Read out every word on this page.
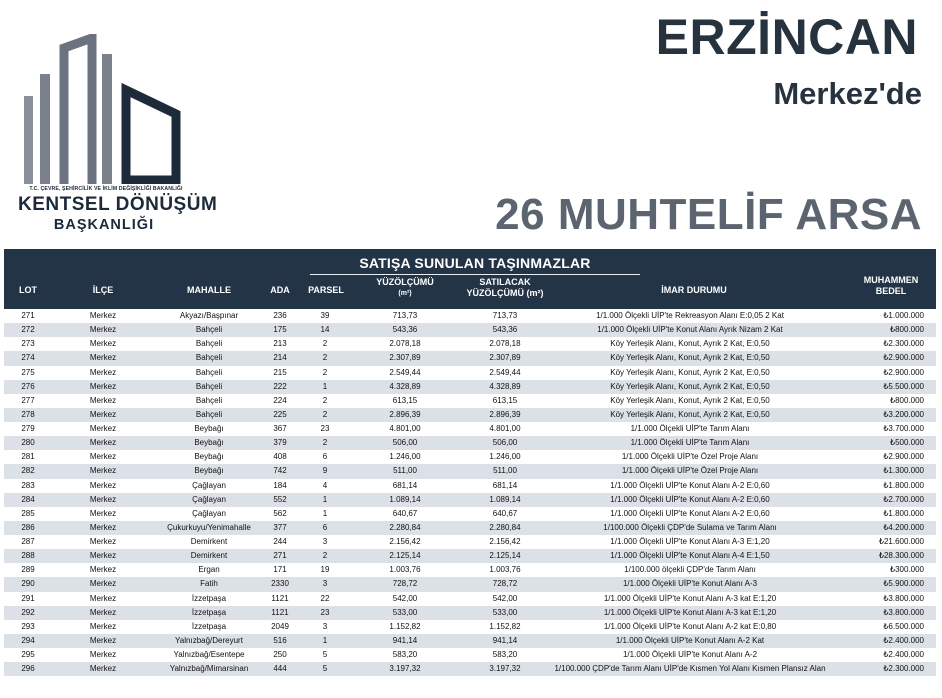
T.C. ÇEVRE, ŞEHİRCİLİK VE İKLİM DEĞİŞİKLİĞİ BAKANLIĞI
KENTSEL DÖNÜŞÜM
BAŞKANLIĞI
ERZİNCAN
Merkez'de
26 MUHTELİF ARSA
SATIŞA SUNULAN TAŞINMAZLAR
LOT	İLÇE	MAHALLE	ADA	PARSEL
YÜZÖLÇÜMÜ
(m²)
SATILACAK
YÜZÖLÇÜMÜ (m²)	İMAR DURUMU
MUHAMMEN
BEDEL
271	Merkez	Akyazı/Başpınar	236	39	713,73	713,73	1/1.000 Ölçekli UİP'te Rekreasyon Alanı E:0,05 2 Kat	₺1.000.000
272	Merkez	Bahçeli	175	14	543,36	543,36	1/1.000 Ölçekli UİP'te Konut Alanı Ayrık Nizam 2 Kat	₺800.000
273	Merkez	Bahçeli	213	2	2.078,18	2.078,18	Köy Yerleşik Alanı, Konut, Ayrık 2 Kat, E:0,50	₺2.300.000
274	Merkez	Bahçeli	214	2	2.307,89	2.307,89	Köy Yerleşik Alanı, Konut, Ayrık 2 Kat, E:0,50	₺2.900.000
275	Merkez	Bahçeli	215	2	2.549,44	2.549,44	Köy Yerleşik Alanı, Konut, Ayrık 2 Kat, E:0,50	₺2.900.000
276	Merkez	Bahçeli	222	1	4.328,89	4.328,89	Köy Yerleşik Alanı, Konut, Ayrık 2 Kat, E:0,50	₺5.500.000
277	Merkez	Bahçeli	224	2	613,15	613,15	Köy Yerleşik Alanı, Konut, Ayrık 2 Kat, E:0,50	₺800.000
278	Merkez	Bahçeli	225	2	2.896,39	2.896,39	Köy Yerleşik Alanı, Konut, Ayrık 2 Kat, E:0,50	₺3.200.000
279	Merkez	Beybağı	367	23	4.801,00	4.801,00	1/1.000 Ölçekli UİP'te Tarım Alanı	₺3.700.000
280	Merkez	Beybağı	379	2	506,00	506,00	1/1.000 Ölçekli UİP'te Tarım Alanı	₺500.000
281	Merkez	Beybağı	408	6	1.246,00	1.246,00	1/1.000 Ölçekli UİP'te Özel Proje Alanı	₺2.900.000
282	Merkez	Beybağı	742	9	511,00	511,00	1/1.000 Ölçekli UİP'te Özel Proje Alanı	₺1.300.000
283	Merkez	Çağlayan	184	4	681,14	681,14	1/1.000 Ölçekli UİP'te Konut Alanı A-2 E:0,60	₺1.800.000
284	Merkez	Çağlayan	552	1	1.089,14	1.089,14	1/1.000 Ölçekli UİP'te Konut Alanı A-2 E:0,60	₺2.700.000
285	Merkez	Çağlayan	562	1	640,67	640,67	1/1.000 Ölçekli UİP'te Konut Alanı A-2 E:0,60	₺1.800.000
286	Merkez	Çukurkuyu/Yenimahalle	377	6	2.280,84	2.280,84	1/100.000 Ölçekli ÇDP'de Sulama ve Tarım Alanı	₺4.200.000
287	Merkez	Demirkent	244	3	2.156,42	2.156,42	1/1.000 Ölçekli UİP'te Konut Alanı A-3 E:1,20	₺21.600.000
288	Merkez	Demirkent	271	2	2.125,14	2.125,14	1/1.000 Ölçekli UİP'te Konut Alanı A-4 E:1,50	₺28.300.000
289	Merkez	Ergan	171	19	1.003,76	1.003,76	1/100.000 ölçekli ÇDP'de Tarım Alanı	₺300.000
290	Merkez	Fatih	2330	3	728,72	728,72	1/1.000 Ölçekli UİP'te Konut Alanı A-3	₺5.900.000
291	Merkez	İzzetpaşa	1121	22	542,00	542,00	1/1.000 Ölçekli UİP'te Konut Alanı A-3 kat E:1,20	₺3.800.000
292	Merkez	İzzetpaşa	1121	23	533,00	533,00	1/1.000 Ölçekli UİP'te Konut Alanı A-3 kat E:1,20	₺3.800.000
293	Merkez	İzzetpaşa	2049	3	1.152,82	1.152,82	1/1.000 Ölçekli UİP'te Konut Alanı A-2 kat E:0,80	₺6.500.000
294	Merkez	Yalnızbağ/Dereyurt	516	1	941,14	941,14	1/1.000 Ölçekli UİP'te Konut Alanı A-2 Kat	₺2.400.000
295	Merkez	Yalnızbağ/Esentepe	250	5	583,20	583,20	1/1.000 Ölçekli UİP'te Konut Alanı A-2	₺2.400.000
296	Merkez	Yalnızbağ/Mimarsinan	444	5	3.197,32	3.197,32	1/100.000 ÇDP'de Tarım Alanı UİP'de Kısmen Yol Alanı Kısmen Plansız Alan	₺2.300.000
